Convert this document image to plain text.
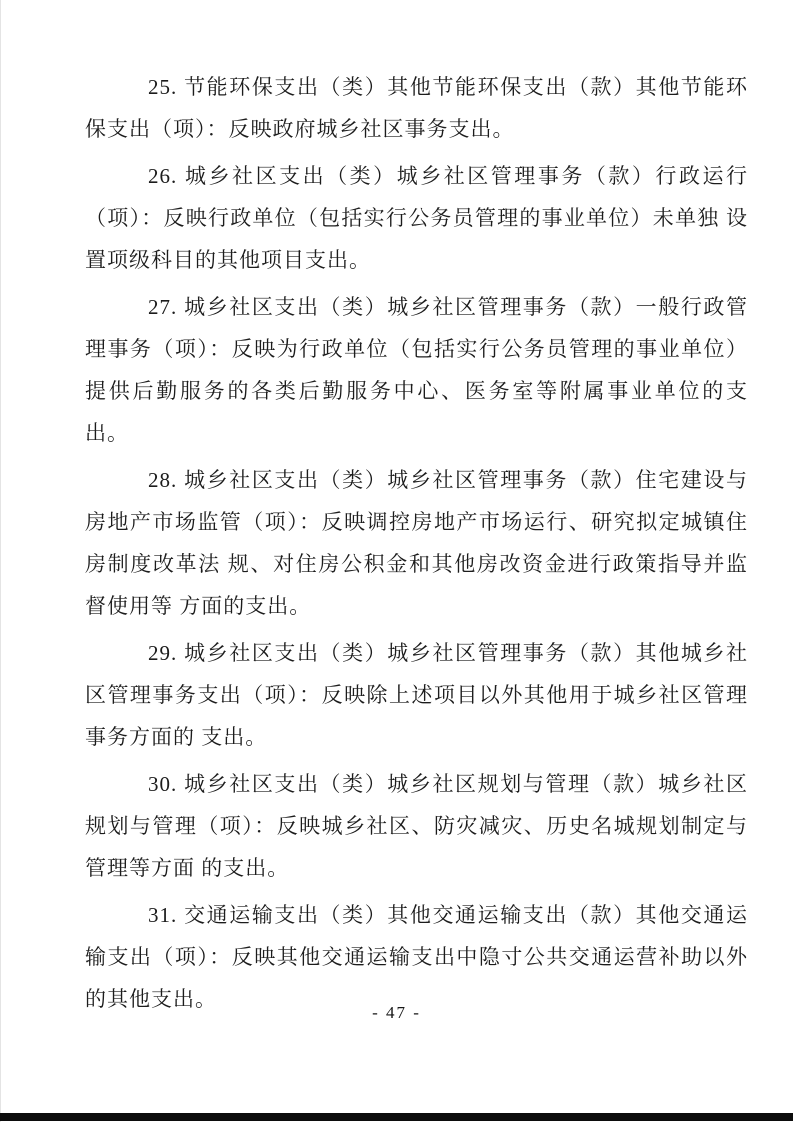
25. 节能环保支出（类）其他节能环保支出（款）其他节能环保支出（项）：反映政府城乡社区事务支出。

26. 城乡社区支出（类）城乡社区管理事务（款）行政运行（项）：反映行政单位（包括实行公务员管理的事业单位）未单独 设置项级科目的其他项目支出。

27. 城乡社区支出（类）城乡社区管理事务（款）一般行政管理事务（项）：反映为行政单位（包括实行公务员管理的事业单位）提供后勤服务的各类后勤服务中心、医务室等附属事业单位的支 出。

28. 城乡社区支出（类）城乡社区管理事务（款）住宅建设与房地产市场监管（项）：反映调控房地产市场运行、研究拟定城镇住房制度改革法 规、对住房公积金和其他房改资金进行政策指导并监督使用等 方面的支出。

29. 城乡社区支出（类）城乡社区管理事务（款）其他城乡社区管理事务支出（项）：反映除上述项目以外其他用于城乡社区管理事务方面的 支出。

30. 城乡社区支出（类）城乡社区规划与管理（款）城乡社区规划与管理（项）：反映城乡社区、防灾减灾、历史名城规划制定与管理等方面 的支出。

31. 交通运输支出（类）其他交通运输支出（款）其他交通运输支出（项）：反映其他交通运输支出中隐寸公共交通运营补助以外的其他支出。

- 47 -
